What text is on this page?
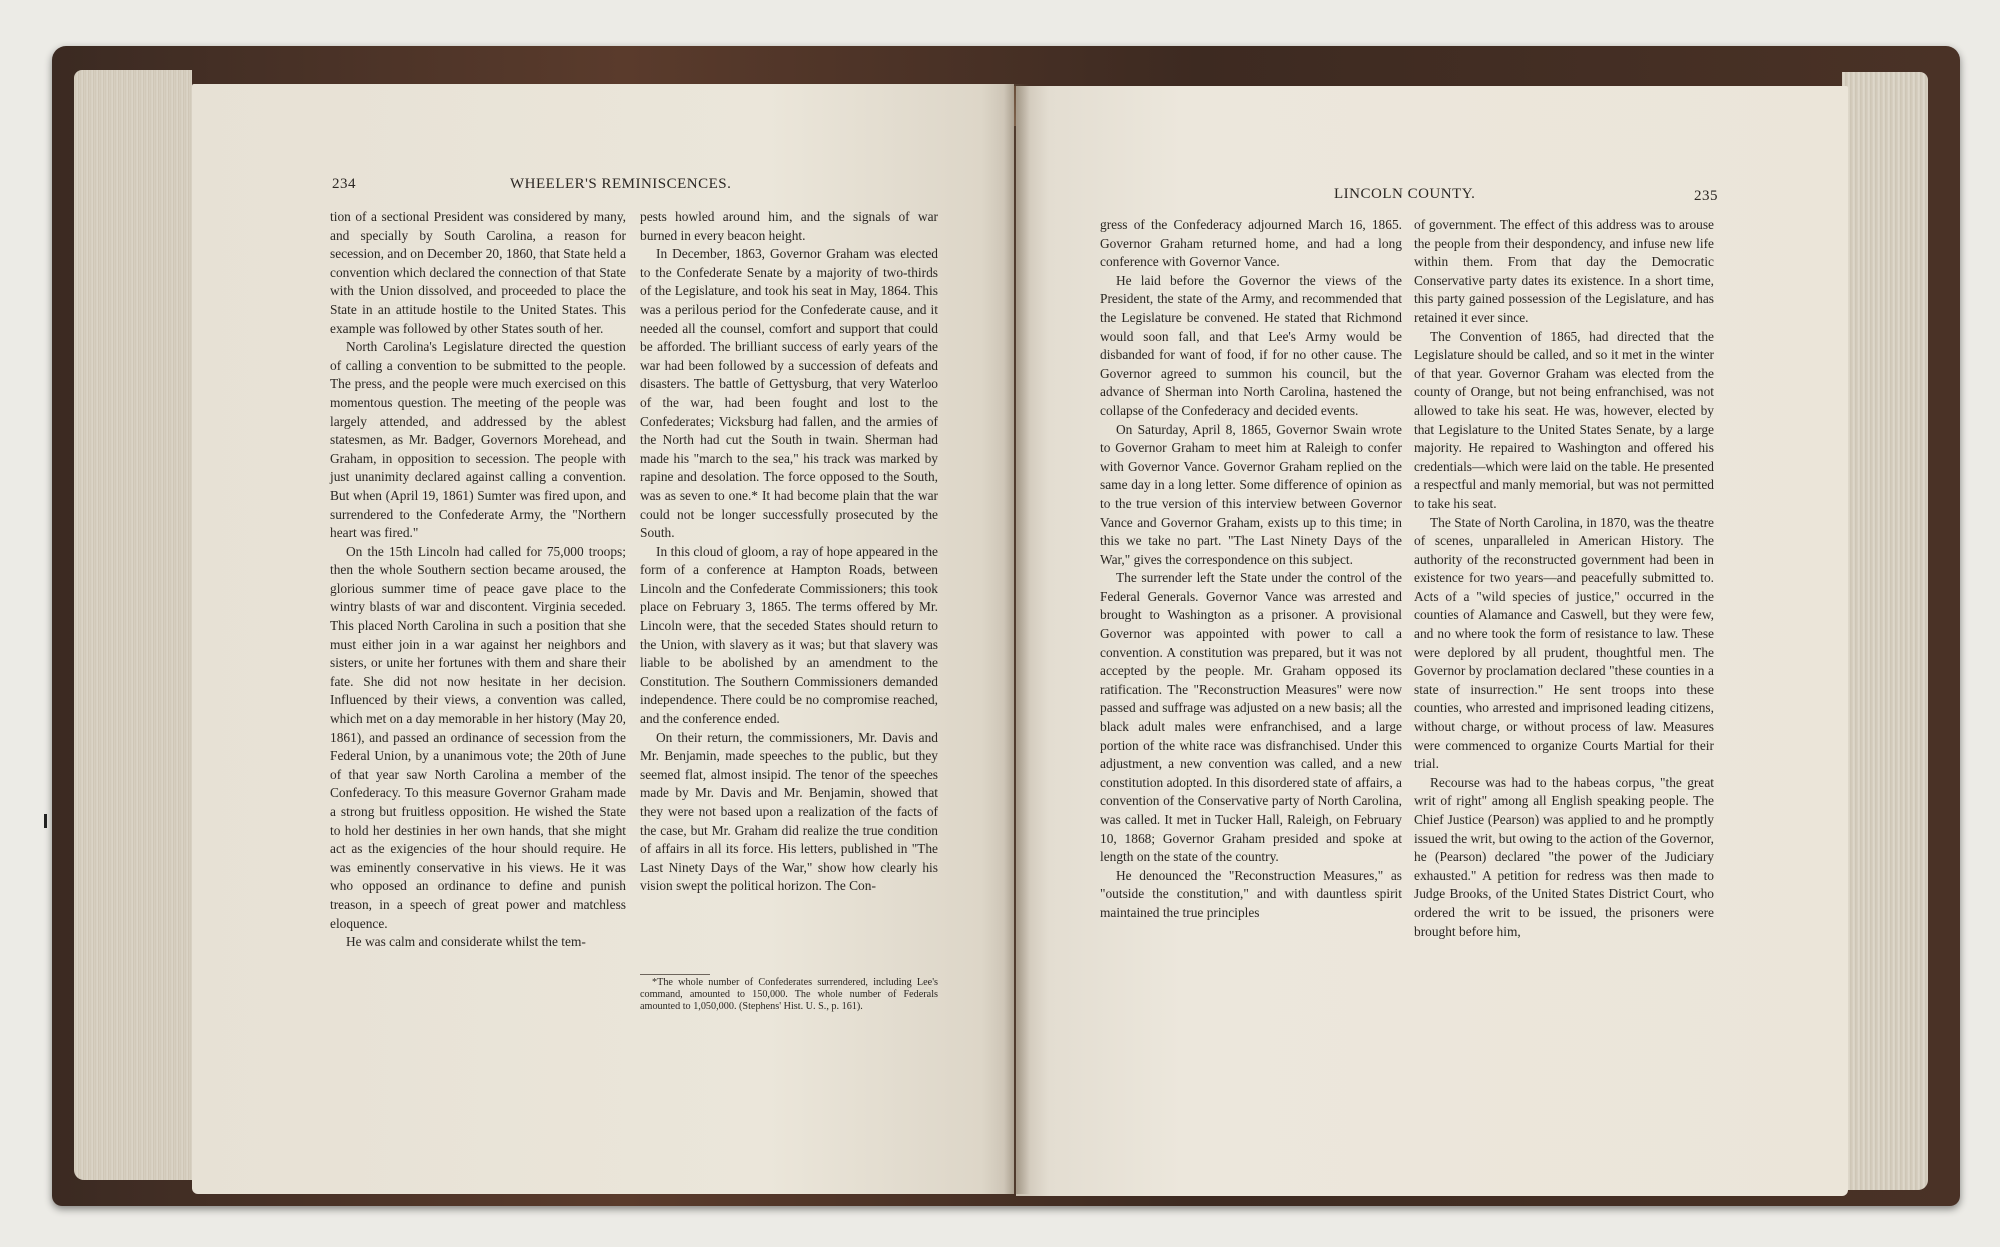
234	WHEELER'S REMINISCENCES.
LINCOLN COUNTY.	235

tion of a sectional President was considered by many, and specially by South Carolina, a reason for secession, and on December 20, 1860, that State held a convention which declared the connection of that State with the Union dissolved, and proceeded to place the State in an attitude hostile to the United States. This example was followed by other States south of her.

North Carolina's Legislature directed the question of calling a convention to be submitted to the people. The press, and the people were much exercised on this momentous question. The meeting of the people was largely attended, and addressed by the ablest statesmen, as Mr. Badger, Governors Morehead, and Graham, in opposition to secession. The people with just unanimity declared against calling a convention. But when (April 19, 1861) Sumter was fired upon, and surrendered to the Confederate Army, the "Northern heart was fired."

On the 15th Lincoln had called for 75,000 troops; then the whole Southern section became aroused, the glorious summer time of peace gave place to the wintry blasts of war and discontent. Virginia seceded. This placed North Carolina in such a position that she must either join in a war against her neighbors and sisters, or unite her fortunes with them and share their fate. She did not now hesitate in her decision. Influenced by their views, a convention was called, which met on a day memorable in her history (May 20, 1861), and passed an ordinance of secession from the Federal Union, by a unanimous vote; the 20th of June of that year saw North Carolina a member of the Confederacy. To this measure Governor Graham made a strong but fruitless opposition. He wished the State to hold her destinies in her own hands, that she might act as the exigencies of the hour should require. He was eminently conservative in his views. He it was who opposed an ordinance to define and punish treason, in a speech of great power and matchless eloquence.

He was calm and considerate whilst the tem-

pests howled around him, and the signals of war burned in every beacon height.

In December, 1863, Governor Graham was elected to the Confederate Senate by a majority of two-thirds of the Legislature, and took his seat in May, 1864. This was a perilous period for the Confederate cause, and it needed all the counsel, comfort and support that could be afforded. The brilliant success of early years of the war had been followed by a succession of defeats and disasters. The battle of Gettysburg, that very Waterloo of the war, had been fought and lost to the Confederates; Vicksburg had fallen, and the armies of the North had cut the South in twain. Sherman had made his "march to the sea," his track was marked by rapine and desolation. The force opposed to the South, was as seven to one.* It had become plain that the war could not be longer successfully prosecuted by the South.

In this cloud of gloom, a ray of hope appeared in the form of a conference at Hampton Roads, between Lincoln and the Confederate Commissioners; this took place on February 3, 1865. The terms offered by Mr. Lincoln were, that the seceded States should return to the Union, with slavery as it was; but that slavery was liable to be abolished by an amendment to the Constitution. The Southern Commissioners demanded independence. There could be no compromise reached, and the conference ended.

On their return, the commissioners, Mr. Davis and Mr. Benjamin, made speeches to the public, but they seemed flat, almost insipid. The tenor of the speeches made by Mr. Davis and Mr. Benjamin, showed that they were not based upon a realization of the facts of the case, but Mr. Graham did realize the true condition of affairs in all its force. His letters, published in "The Last Ninety Days of the War," show how clearly his vision swept the political horizon. The Con-

*The whole number of Confederates surrendered, including Lee's command, amounted to 150,000. The whole number of Federals amounted to 1,050,000. (Stephens' Hist. U. S., p. 161).

gress of the Confederacy adjourned March 16, 1865. Governor Graham returned home, and had a long conference with Governor Vance.

He laid before the Governor the views of the President, the state of the Army, and recommended that the Legislature be convened. He stated that Richmond would soon fall, and that Lee's Army would be disbanded for want of food, if for no other cause. The Governor agreed to summon his council, but the advance of Sherman into North Carolina, hastened the collapse of the Confederacy and decided events.

On Saturday, April 8, 1865, Governor Swain wrote to Governor Graham to meet him at Raleigh to confer with Governor Vance. Governor Graham replied on the same day in a long letter. Some difference of opinion as to the true version of this interview between Governor Vance and Governor Graham, exists up to this time; in this we take no part. "The Last Ninety Days of the War," gives the correspondence on this subject.

The surrender left the State under the control of the Federal Generals. Governor Vance was arrested and brought to Washington as a prisoner. A provisional Governor was appointed with power to call a convention. A constitution was prepared, but it was not accepted by the people. Mr. Graham opposed its ratification. The "Reconstruction Measures" were now passed and suffrage was adjusted on a new basis; all the black adult males were enfranchised, and a large portion of the white race was disfranchised. Under this adjustment, a new convention was called, and a new constitution adopted. In this disordered state of affairs, a convention of the Conservative party of North Carolina, was called. It met in Tucker Hall, Raleigh, on February 10, 1868; Governor Graham presided and spoke at length on the state of the country.

He denounced the "Reconstruction Measures," as "outside the constitution," and with dauntless spirit maintained the true principles

of government. The effect of this address was to arouse the people from their despondency, and infuse new life within them. From that day the Democratic Conservative party dates its existence. In a short time, this party gained possession of the Legislature, and has retained it ever since.

The Convention of 1865, had directed that the Legislature should be called, and so it met in the winter of that year. Governor Graham was elected from the county of Orange, but not being enfranchised, was not allowed to take his seat. He was, however, elected by that Legislature to the United States Senate, by a large majority. He repaired to Washington and offered his credentials—which were laid on the table. He presented a respectful and manly memorial, but was not permitted to take his seat.

The State of North Carolina, in 1870, was the theatre of scenes, unparalleled in American History. The authority of the reconstructed government had been in existence for two years—and peacefully submitted to. Acts of a "wild species of justice," occurred in the counties of Alamance and Caswell, but they were few, and no where took the form of resistance to law. These were deplored by all prudent, thoughtful men. The Governor by proclamation declared "these counties in a state of insurrection." He sent troops into these counties, who arrested and imprisoned leading citizens, without charge, or without process of law. Measures were commenced to organize Courts Martial for their trial.

Recourse was had to the habeas corpus, "the great writ of right" among all English speaking people. The Chief Justice (Pearson) was applied to and he promptly issued the writ, but owing to the action of the Governor, he (Pearson) declared "the power of the Judiciary exhausted." A petition for redress was then made to Judge Brooks, of the United States District Court, who ordered the writ to be issued, the prisoners were brought before him,
